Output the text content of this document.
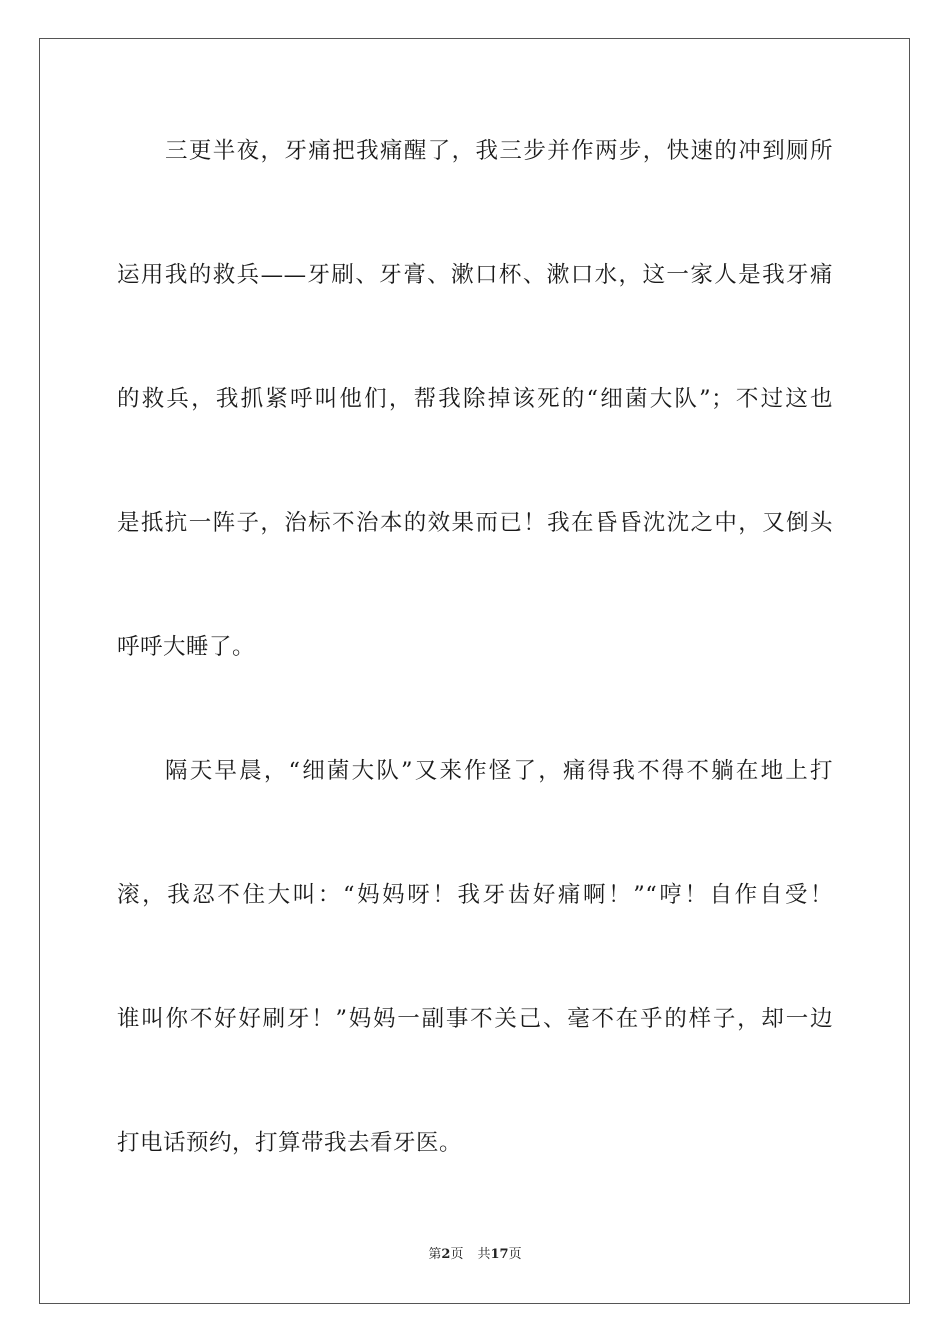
三更半夜，牙痛把我痛醒了，我三步并作两步，快速的冲到厕所
运用我的救兵——牙刷、牙膏、漱口杯、漱口水，这一家人是我牙痛
的救兵，我抓紧呼叫他们，帮我除掉该死的“细菌大队”；不过这也
是抵抗一阵子，治标不治本的效果而已！我在昏昏沈沈之中，又倒头
呼呼大睡了。
隔天早晨，“细菌大队”又来作怪了，痛得我不得不躺在地上打
滚，我忍不住大叫：“妈妈呀！我牙齿好痛啊！”“哼！自作自受！
谁叫你不好好刷牙！”妈妈一副事不关己、毫不在乎的样子，却一边
打电话预约，打算带我去看牙医。
第2页 共17页
